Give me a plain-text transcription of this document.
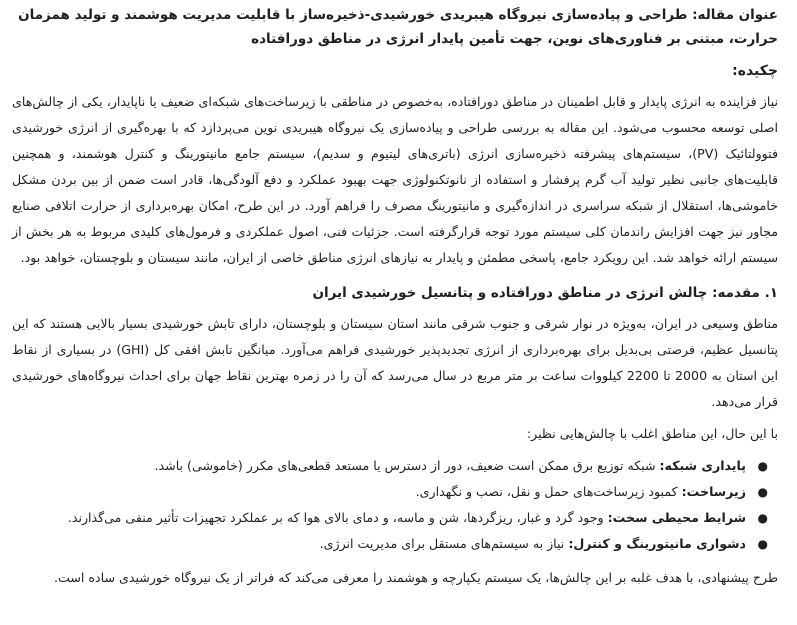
عنوان مقاله: طراحی و پیاده‌سازی نیروگاه هیبریدی خورشیدی-ذخیره‌ساز با قابلیت مدیریت هوشمند و تولید همزمان حرارت، مبتنی بر فناوری‌های نوین، جهت تأمین پایدار انرژی در مناطق دورافتاده

چکیده:

نیاز فزاینده به انرژی پایدار و قابل اطمینان در مناطق دورافتاده، به‌خصوص در مناطقی با زیرساخت‌های شبکه‌ای ضعیف یا ناپایدار، یکی از چالش‌های اصلی توسعه محسوب می‌شود. این مقاله به بررسی طراحی و پیاده‌سازی یک نیروگاه هیبریدی نوین می‌پردازد که با بهره‌گیری از انرژی خورشیدی فتوولتائیک (PV)، سیستم‌های پیشرفته ذخیره‌سازی انرژی (باتری‌های لیتیوم و سدیم)، سیستم جامع مانیتورینگ و کنترل هوشمند، و همچنین قابلیت‌های جانبی نظیر تولید آب گرم پرفشار و استفاده از نانوتکنولوژی جهت بهبود عملکرد و دفع آلودگی‌ها، قادر است ضمن از بین بردن مشکل خاموشی‌ها، استقلال از شبکه سراسری در اندازه‌گیری و مانیتورینگ مصرف را فراهم آورد. در این طرح، امکان بهره‌برداری از حرارت اتلافی صنایع مجاور نیز جهت افزایش راندمان کلی سیستم مورد توجه قرارگرفته است. جزئیات فنی، اصول عملکردی و فرمول‌های کلیدی مربوط به هر بخش از سیستم ارائه خواهد شد. این رویکرد جامع، پاسخی مطمئن و پایدار به نیازهای انرژی مناطق خاصی از ایران، مانند سیستان و بلوچستان، خواهد بود.

۱. مقدمه: چالش انرژی در مناطق دورافتاده و پتانسیل خورشیدی ایران

مناطق وسیعی در ایران، به‌ویژه در نوار شرقی و جنوب شرقی مانند استان سیستان و بلوچستان، دارای تابش خورشیدی بسیار بالایی هستند که این پتانسیل عظیم، فرصتی بی‌بدیل برای بهره‌برداری از انرژی تجدیدپذیر خورشیدی فراهم می‌آورد. میانگین تابش افقی کل (GHI) در بسیاری از نقاط این استان به 2000 تا 2200 کیلووات ساعت بر متر مربع در سال می‌رسد که آن را در زمره بهترین نقاط جهان برای احداث نیروگاه‌های خورشیدی قرار می‌دهد.

با این حال، این مناطق اغلب با چالش‌هایی نظیر:

●
پایداری شبکه: شبکه توزیع برق ممکن است ضعیف، دور از دسترس یا مستعد قطعی‌های مکرر (خاموشی) باشد.
●
زیرساخت: کمبود زیرساخت‌های حمل و نقل، نصب و نگهداری.
●
شرایط محیطی سخت: وجود گرد و غبار، ریزگردها، شن و ماسه، و دمای بالای هوا که بر عملکرد تجهیزات تأثیر منفی می‌گذارند.
●
دشواری مانیتورینگ و کنترل: نیاز به سیستم‌های مستقل برای مدیریت انرژی.

طرح پیشنهادی، با هدف غلبه بر این چالش‌ها، یک سیستم یکپارچه و هوشمند را معرفی می‌کند که فراتر از یک نیروگاه خورشیدی ساده است.
